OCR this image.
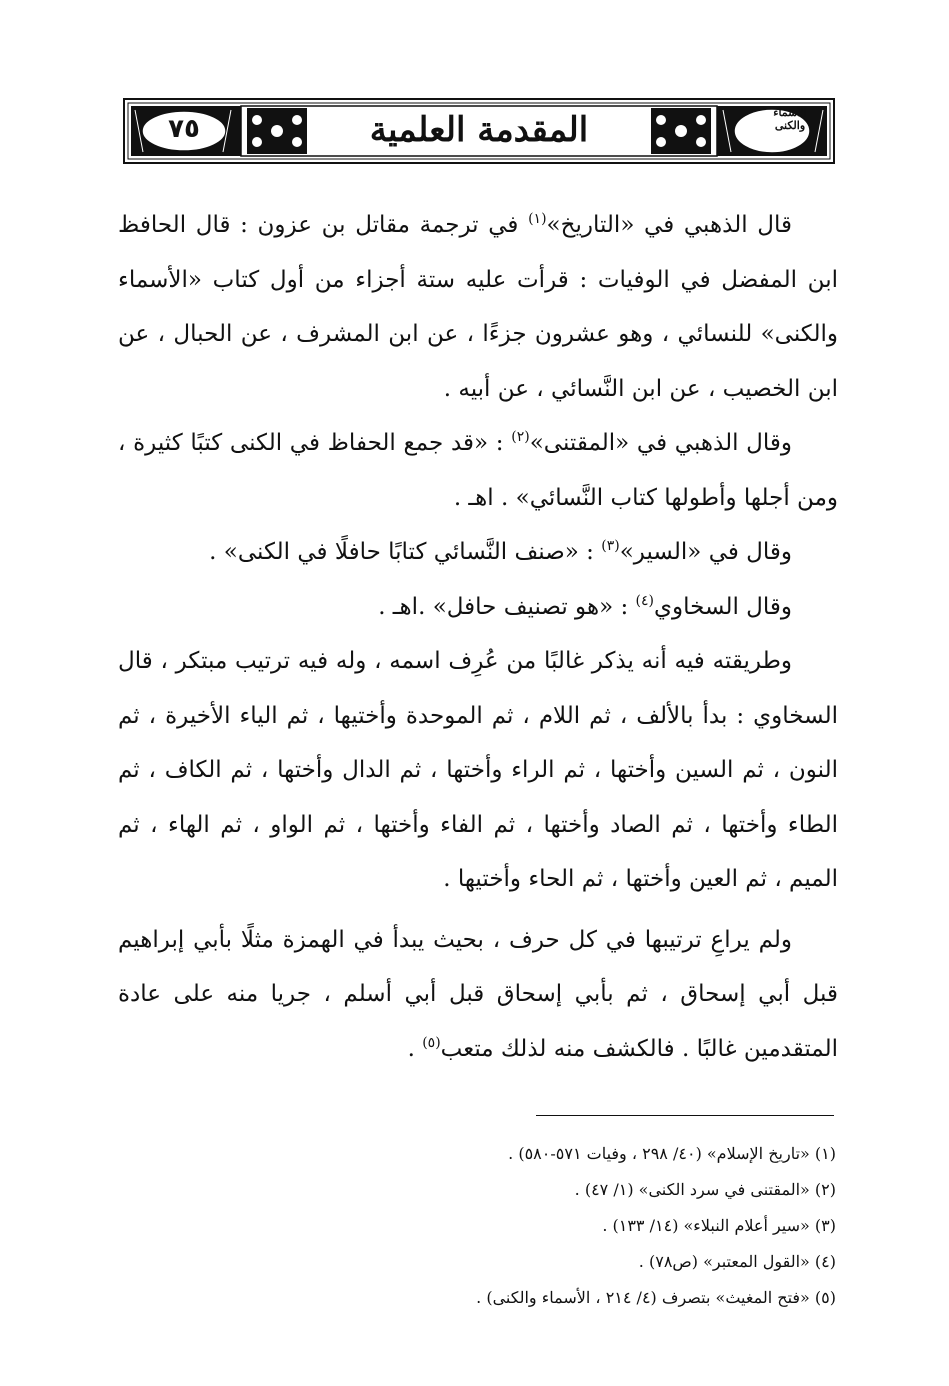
٧٥	المقدمة العلمية	الأسماء والكنى

قال الذهبي في «التاريخ»$^{(١)}$ في ترجمة مقاتل بن عزون : قال الحافظ ابن المفضل في الوفيات : قرأت عليه ستة أجزاء من أول كتاب «الأسماء والكنى» للنسائي ، وهو عشرون جزءًا ، عن ابن المشرف ، عن الحبال ، عن ابن الخصيب ، عن ابن النَّسائي ، عن أبيه .

وقال الذهبي في «المقتنى»$^{(٢)}$ : «قد جمع الحفاظ في الكنى كتبًا كثيرة ، ومن أجلها وأطولها كتاب النَّسائي» . اهـ .

وقال في «السير»$^{(٣)}$ : «صنف النَّسائي كتابًا حافلًا في الكنى» .

وقال السخاوي$^{(٤)}$ : «هو تصنيف حافل» .اهـ .

وطريقته فيه أنه يذكر غالبًا من عُرِف اسمه ، وله فيه ترتيب مبتكر ، قال السخاوي : بدأ بالألف ، ثم اللام ، ثم الموحدة وأختيها ، ثم الياء الأخيرة ، ثم النون ، ثم السين وأختها ، ثم الراء وأختها ، ثم الدال وأختها ، ثم الكاف ، ثم الطاء وأختها ، ثم الصاد وأختها ، ثم الفاء وأختها ، ثم الواو ، ثم الهاء ، ثم الميم ، ثم العين وأختها ، ثم الحاء وأختيها .

ولم يراعِ ترتيبها في كل حرف ، بحيث يبدأ في الهمزة مثلًا بأبي إبراهيم قبل أبي إسحاق ، ثم بأبي إسحاق قبل أبي أسلم ، جريا منه على عادة المتقدمين غالبًا . فالكشف منه لذلك متعب$^{(٥)}$ .

(١) «تاريخ الإسلام» (٤٠/ ٢٩٨ ، وفيات ٥٧١-٥٨٠) .
(٢) «المقتنى في سرد الكنى» (١/ ٤٧) .
(٣) «سير أعلام النبلاء» (١٤/ ١٣٣) .
(٤) «القول المعتبر» (ص٧٨) .
(٥) «فتح المغيث» بتصرف (٤/ ٢١٤ ، الأسماء والكنى) .
